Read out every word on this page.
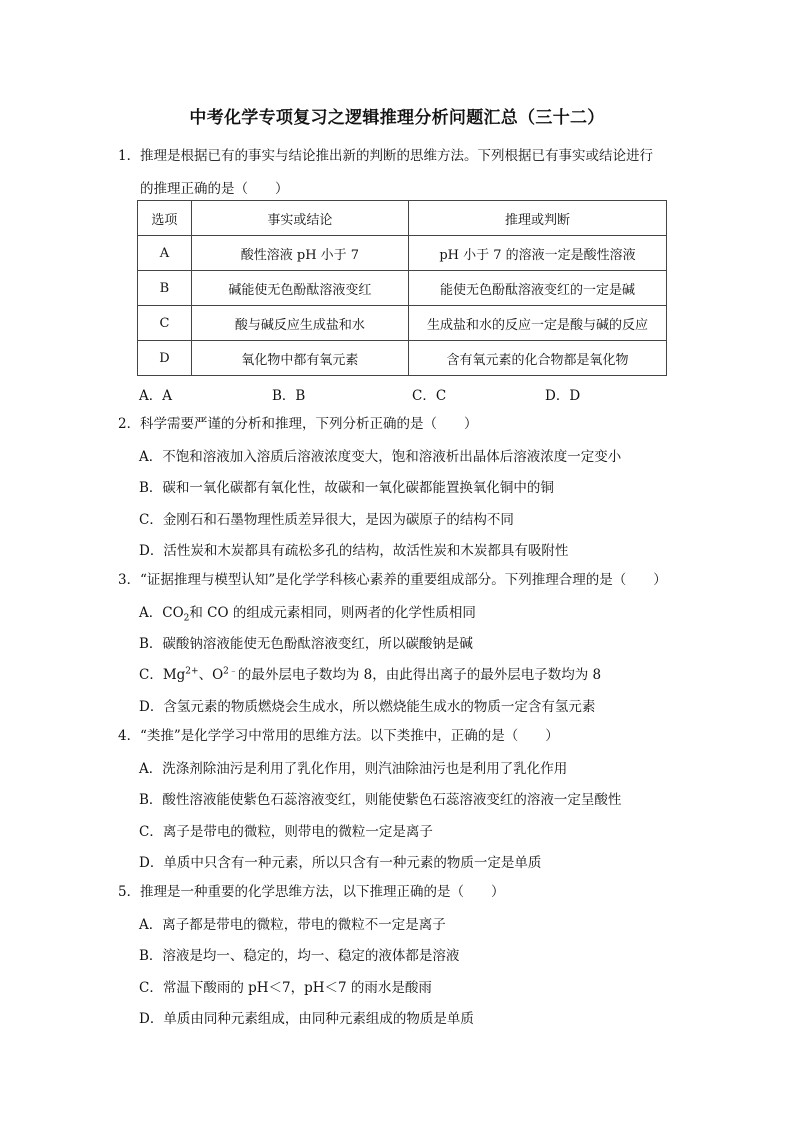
中考化学专项复习之逻辑推理分析问题汇总（三十二）
1．推理是根据已有的事实与结论推出新的判断的思维方法。下列根据已有事实或结论进行
的推理正确的是（　　）
选项	事实或结论	推理或判断
A	酸性溶液 pH 小于 7	pH 小于 7 的溶液一定是酸性溶液
B	碱能使无色酚酞溶液变红	能使无色酚酞溶液变红的一定是碱
C	酸与碱反应生成盐和水	生成盐和水的反应一定是酸与碱的反应
D	氧化物中都有氧元素	含有氧元素的化合物都是氧化物
A．A	B．B	C．C	D．D
2．科学需要严谨的分析和推理，下列分析正确的是（　　）
A．不饱和溶液加入溶质后溶液浓度变大，饱和溶液析出晶体后溶液浓度一定变小
B．碳和一氧化碳都有氧化性，故碳和一氧化碳都能置换氧化铜中的铜
C．金刚石和石墨物理性质差异很大，是因为碳原子的结构不同
D．活性炭和木炭都具有疏松多孔的结构，故活性炭和木炭都具有吸附性
3．“证据推理与模型认知”是化学学科核心素养的重要组成部分。下列推理合理的是（　　）
A．$CO_2$和 CO 的组成元素相同，则两者的化学性质相同
B．碳酸钠溶液能使无色酚酞溶液变红，所以碳酸钠是碱
C．$Mg^{2+}$、$O^{2﹣}$的最外层电子数均为 8，由此得出离子的最外层电子数均为 8
D．含氢元素的物质燃烧会生成水，所以燃烧能生成水的物质一定含有氢元素
4．“类推”是化学学习中常用的思维方法。以下类推中，正确的是（　　）
A．洗涤剂除油污是利用了乳化作用，则汽油除油污也是利用了乳化作用
B．酸性溶液能使紫色石蕊溶液变红，则能使紫色石蕊溶液变红的溶液一定呈酸性
C．离子是带电的微粒，则带电的微粒一定是离子
D．单质中只含有一种元素，所以只含有一种元素的物质一定是单质
5．推理是一种重要的化学思维方法，以下推理正确的是（　　）
A．离子都是带电的微粒，带电的微粒不一定是离子
B．溶液是均一、稳定的，均一、稳定的液体都是溶液
C．常温下酸雨的 pH＜7，pH＜7 的雨水是酸雨
D．单质由同种元素组成，由同种元素组成的物质是单质
